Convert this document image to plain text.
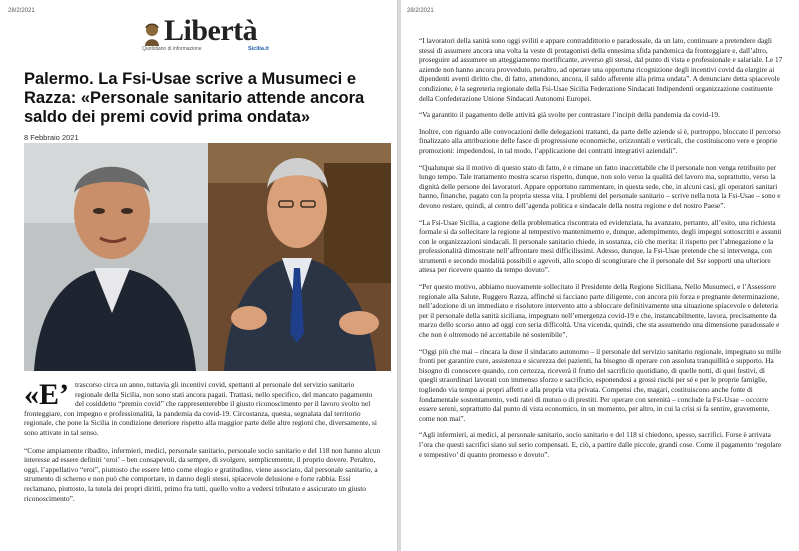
28/2/2021
Libertà
Quotidiano di informazione	Sicilia.it
Palermo. La Fsi-Usae scrive a Musumeci e Razza: «Personale sanitario attende ancora saldo dei premi covid prima ondata»
8 Febbraio 2021

«E’ trascorso circa un anno, tuttavia gli incentivi covid, spettanti al personale del servizio sanitario regionale della Sicilia, non sono stati ancora pagati. Trattasi, nello specifico, del mancato pagamento del cosiddetto “premio covid” che rappresenterebbe il giusto riconoscimento per il lavoro svolto nel fronteggiare, con impegno e professionalità, la pandemia da covid-19. Circostanza, questa, segnalata dal territorio regionale, che pone la Sicilia in condizione deteriore rispetto alla maggior parte delle altre regioni che, diversamente, si sono attivate in tal senso.

“Come ampiamente ribadito, infermieri, medici, personale sanitario, personale socio sanitario e del 118 non hanno alcun interesse ad essere definiti ‘eroi’ – ben consapevoli, da sempre, di svolgere, semplicemente, il proprio dovere. Peraltro, oggi, l’appellativo “eroi”, piuttosto che essere letto come elogio e gratitudine, viene associato, dal personale sanitario, a strumento di scherno e non può che comportare, in danno degli stessi, spiacevole delusione e forte rabbia. Essi reclamano, piuttosto, la tutela dei propri diritti, primo fra tutti, quello volto a vedersi tributato e assicurato un giusto riconoscimento”.

28/2/2021

“I lavoratori della sanità sono oggi sviliti e appare contraddittorio e paradossale, da un lato, continuare a pretendere dagli stessi di assumere ancora una volta la veste di protagonisti della ennesima sfida pandemica da fronteggiare e, dall’altro, proseguire ad assumere un atteggiamento mortificante, avverso gli stessi, dal punto di vista e professionale e salariale. Le 17 aziende non hanno ancora provveduto, peraltro, ad operare una opportuna ricognizione degli incentivi covid da elargire ai dipendenti aventi diritto che, di fatto, attendono, ancora, il saldo afferente alla prima ondata”. A denunciare detta spiacevole condizione, è la segreteria regionale della Fsi-Usae Sicilia Federazione Sindacati Indipendenti organizzazione costituente della Confederazione Unione Sindacati Autonomi Europei.

“Va garantito il pagamento delle attività già svolte per contrastare l’incipit della pandemia da covid-19.

Inoltre, con riguardo alle convocazioni delle delegazioni trattanti, da parte delle aziende si è, purtroppo, bloccato il percorso finalizzato alla attribuzione delle fasce di progressione economiche, orizzontali e verticali, che costituiscono vere e proprie promozioni: impedendosi, in tal modo, l’applicazione dei contratti integrativi aziendali”.

“Qualunque sia il motivo di questo stato di fatto, è e rimane un fatto inaccettabile che il personale non venga retribuito per lungo tempo. Tale trattamento mostra scarso rispetto, dunque, non solo verso la qualità del lavoro ma, soprattutto, verso la dignità delle persone dei lavoratori. Appare opportuno rammentare, in questa sede, che, in alcuni casi, gli operatori sanitari hanno, finanche, pagato con la propria stessa vita. I problemi del personale sanitario – scrive nella nota la Fsi-Usae – sono e devono restare, quindi, al centro dell’agenda politica e sindacale della nostra regione e del nostro Paese”.

“La Fsi-Usae Sicilia, a cagione della problematica riscontrata ed evidenziata, ha avanzato, pertanto, all’esito, una richiesta formale si da sollecitare la regione al tempestivo mantenimento e, dunque, adempimento, degli impegni sottoscritti e assunti con le organizzazioni sindacali. Il personale sanitario chiede, in sostanza, ciò che merita: il rispetto per l’abnegazione e la professionalità dimostrate nell’affrontare mesi difficilissimi. Adesso, dunque, la Fsi-Usae pretende che si intervenga, con strumenti e secondo modalità possibili e agevoli, allo scopo di scongiurare che il personale del Ssr sopporti una ulteriore attesa per ricevere quanto da tempo dovuto”.

“Per questo motivo, abbiamo nuovamente sollecitato il Presidente della Regione Siciliana, Nello Musumeci, e l’Assessore regionale alla Salute, Ruggero Razza, affinché si facciano parte diligente, con ancora più forza e pregnante determinazione, nell’adozione di un immediato e risolutore intervento atto a sbloccare definitivamente una situazione spiacevole e deleteria per il personale della sanità siciliana, impegnato nell’emergenza covid-19 e che, instancabilmente, lavora, precisamente da marzo dello scorso anno ad oggi con seria difficoltà. Una vicenda, quindi, che sta assumendo una dimensione paradossale e che non è oltremodo né accettabile né sostenibile”.

“Oggi più che mai – rincara la dose il sindacato autonomo – il personale del servizio sanitario regionale, impegnato su mille fronti per garantire cure, assistenza e sicurezza dei pazienti, ha bisogno di operare con assoluta tranquillità e supporto. Ha bisogno di conoscere quando, con certezza, riceverà il frutto del sacrificio quotidiano, di quelle notti, di quei festivi, di quegli straordinari lavorati con immenso sforzo e sacrificio, esponendosi a grossi rischi per sé e per le proprie famiglie, togliendo via tempo ai propri affetti e alla propria vita privata. Compensi che, magari, costituiscono anche fonte di fondamentale sostentamento, vedi ratei di mutuo o di prestiti. Per operare con serenità – conclude la Fsi-Usae – occorre essere sereni, soprattutto dal punto di vista economico, in un momento, per altro, in cui la crisi si fa sentire, gravemente, come non mai”.

“Agli infermieri, ai medici, al personale sanitario, socio sanitario e del 118 si chiedono, spesso, sacrifici. Forse è arrivata l’ora che questi sacrifici siano sul serio compensati. E, ciò, a partire dalle piccole, grandi cose. Come il pagamento ‘regolare e tempestivo’ di quanto promesso e dovuto”.
